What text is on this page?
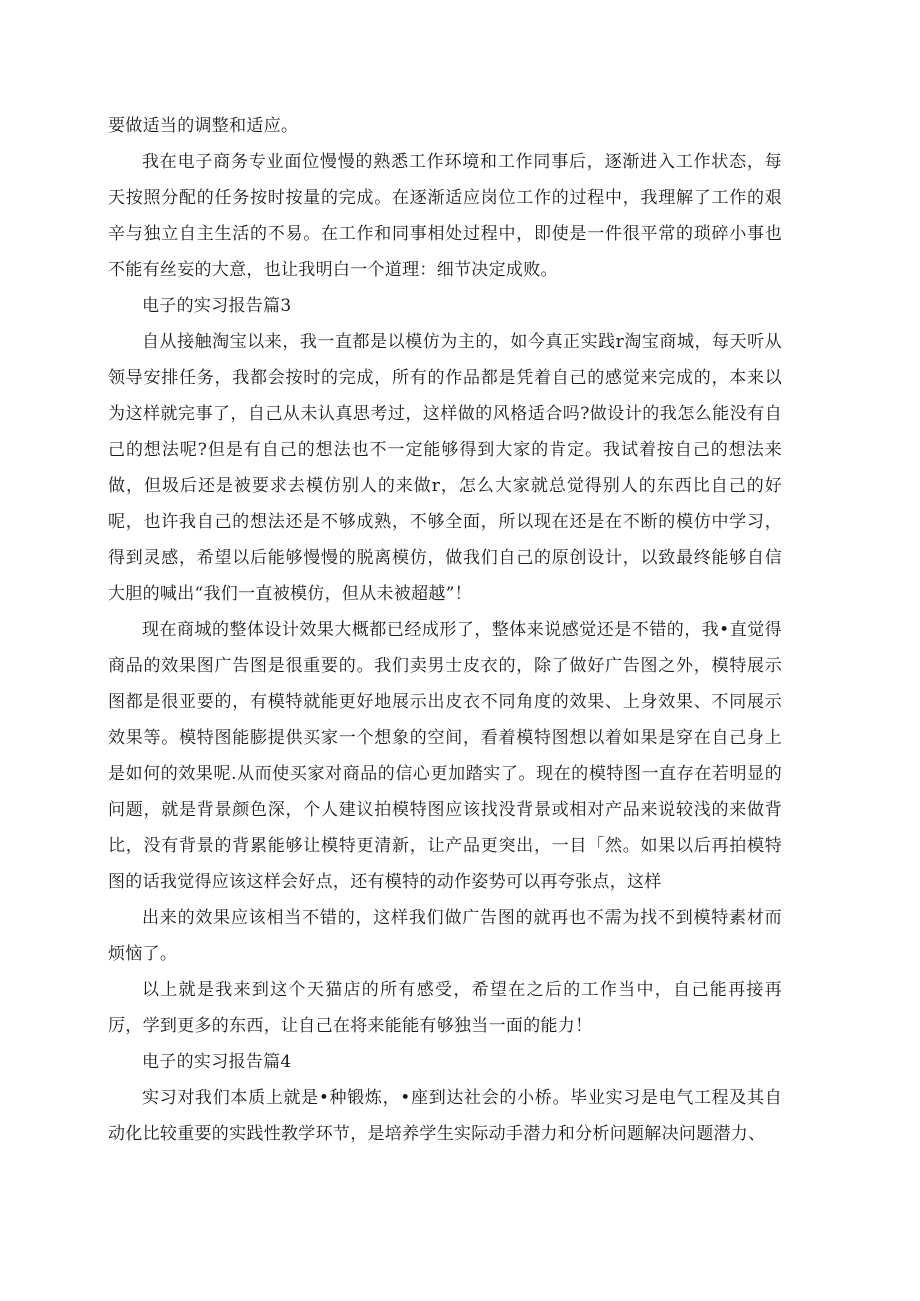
要做适当的调整和适应。

我在电子商务专业面位慢慢的熟悉工作环境和工作同事后，逐渐进入工作状态，每天按照分配的任务按时按量的完成。在逐渐适应岗位工作的过程中，我理解了工作的艰辛与独立自主生活的不易。在工作和同事相处过程中，即使是一件很平常的琐碎小事也不能有丝妄的大意，也让我明白一个道理：细节决定成败。

电子的实习报告篇3

自从接触淘宝以来，我一直都是以模仿为主的，如今真正实践r淘宝商城，每天听从领导安排任务，我都会按时的完成，所有的作品都是凭着自己的感觉来完成的，本来以为这样就完事了，自己从未认真思考过，这样做的风格适合吗?做设计的我怎么能没有自己的想法呢?但是有自己的想法也不一定能够得到大家的肯定。我试着按自己的想法来做，但圾后还是被要求去模仿别人的来做r，怎么大家就总觉得别人的东西比自己的好呢，也许我自己的想法还是不够成熟，不够全面，所以现在还是在不断的模仿中学习，得到灵感，希望以后能够慢慢的脱离模仿，做我们自己的原创设计，以致最终能够自信大胆的喊出“我们一直被模仿，但从未被超越”！

现在商城的整体设计效果大概都已经成形了，整体来说感觉还是不错的，我•直觉得商品的效果图广告图是很重要的。我们卖男士皮衣的，除了做好广告图之外，模特展示图都是很亚要的，有模特就能更好地展示出皮衣不同角度的效果、上身效果、不同展示效果等。模特图能膨提供买家一个想象的空间，看着模特图想以着如果是穿在自己身上是如何的效果呢.从而使买家对商品的信心更加踏实了。现在的模特图一直存在若明显的问题，就是背景颜色深，个人建议拍模特图应该找没背景或相对产品来说较浅的来做背比，没有背景的背累能够让模特更清新，让产品更突出，一目「然。如果以后再拍模特图的话我觉得应该这样会好点，还有模特的动作姿势可以再夸张点，这样

出来的效果应该相当不错的，这样我们做广告图的就再也不需为找不到模特素材而烦恼了。

以上就是我来到这个天猫店的所有感受，希望在之后的工作当中，自己能再接再厉，学到更多的东西，让自己在将来能能有够独当一面的能力！

电子的实习报告篇4

实习对我们本质上就是•种锻炼，•座到达社会的小桥。毕业实习是电气工程及其自动化比较重要的实践性教学环节，是培养学生实际动手潜力和分析问题解决问题潜力、
